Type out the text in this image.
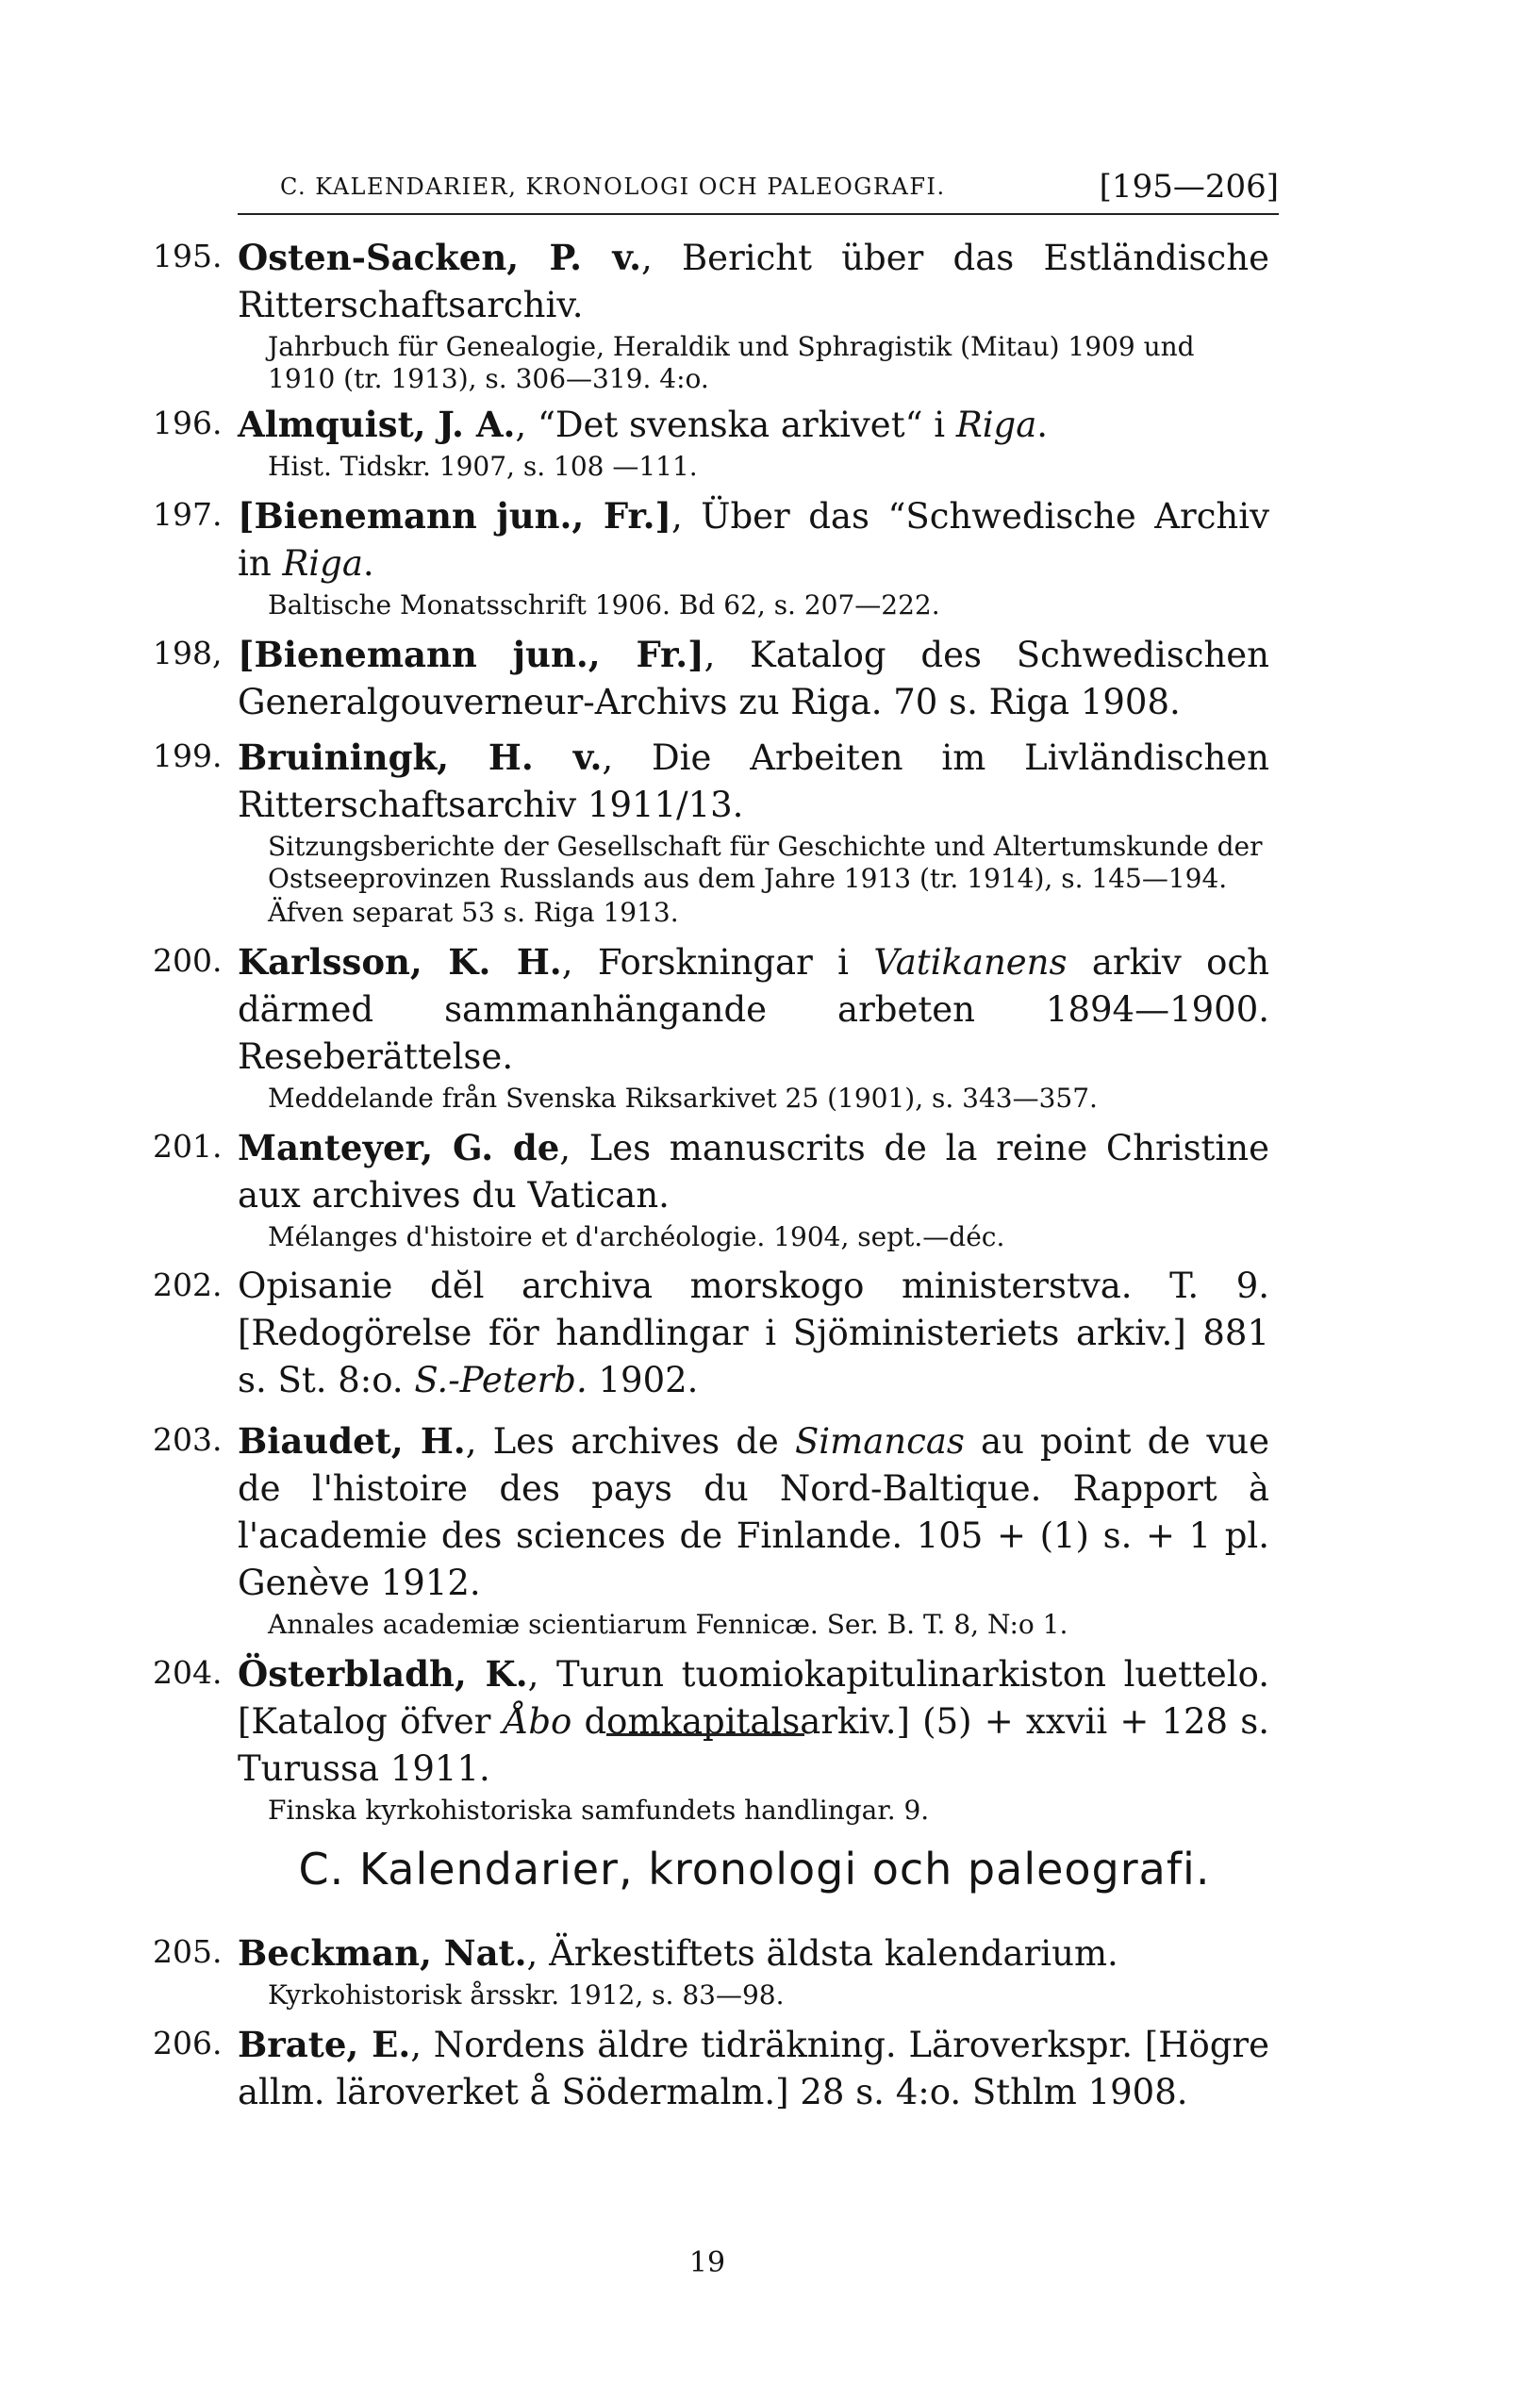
C. KALENDARIER, KRONOLOGI OCH PALEOGRAFI.	[195—206]
195. Osten-Sacken, P. v., Bericht über das Estländische Ritterschaftsarchiv.
Jahrbuch für Genealogie, Heraldik und Sphragistik (Mitau) 1909 und 1910 (tr. 1913), s. 306—319. 4:o.
196. Almquist, J. A., “Det svenska arkivet“ i Riga.
Hist. Tidskr. 1907, s. 108 —111.
197. [Bienemann jun., Fr.], Über das “Schwedische Archiv in Riga.
Baltische Monatsschrift 1906. Bd 62, s. 207—222.
198, [Bienemann jun., Fr.], Katalog des Schwedischen Generalgouverneur-Archivs zu Riga. 70 s. Riga 1908.
199. Bruiningk, H. v., Die Arbeiten im Livländischen Ritterschaftsarchiv 1911/13.
Sitzungsberichte der Gesellschaft für Geschichte und Altertumskunde der Ostseeprovinzen Russlands aus dem Jahre 1913 (tr. 1914), s. 145—194.
Äfven separat 53 s. Riga 1913.
200. Karlsson, K. H., Forskningar i Vatikanens arkiv och därmed sammanhängande arbeten 1894—1900. Reseberättelse.
Meddelande från Svenska Riksarkivet 25 (1901), s. 343—357.
201. Manteyer, G. de, Les manuscrits de la reine Christine aux archives du Vatican.
Mélanges d'histoire et d'archéologie. 1904, sept.—déc.
202. Opisanie dĕl archiva morskogo ministerstva. T. 9. [Redogörelse för handlingar i Sjöministeriets arkiv.] 881 s. St. 8:o. S.-Peterb. 1902.
203. Biaudet, H., Les archives de Simancas au point de vue de l'histoire des pays du Nord-Baltique. Rapport à l'academie des sciences de Finlande. 105 + (1) s. + 1 pl. Genève 1912.
Annales academiæ scientiarum Fennicæ. Ser. B. T. 8, N:o 1.
204. Österbladh, K., Turun tuomiokapitulinarkiston luettelo. [Katalog öfver Åbo domkapitalsarkiv.] (5) + xxvii + 128 s. Turussa 1911.
Finska kyrkohistoriska samfundets handlingar. 9.
C. Kalendarier, kronologi och paleografi.
205. Beckman, Nat., Ärkestiftets äldsta kalendarium.
Kyrkohistorisk årsskr. 1912, s. 83—98.
206. Brate, E., Nordens äldre tidräkning. Läroverkspr. [Högre allm. läroverket å Södermalm.] 28 s. 4:o. Sthlm 1908.
19
